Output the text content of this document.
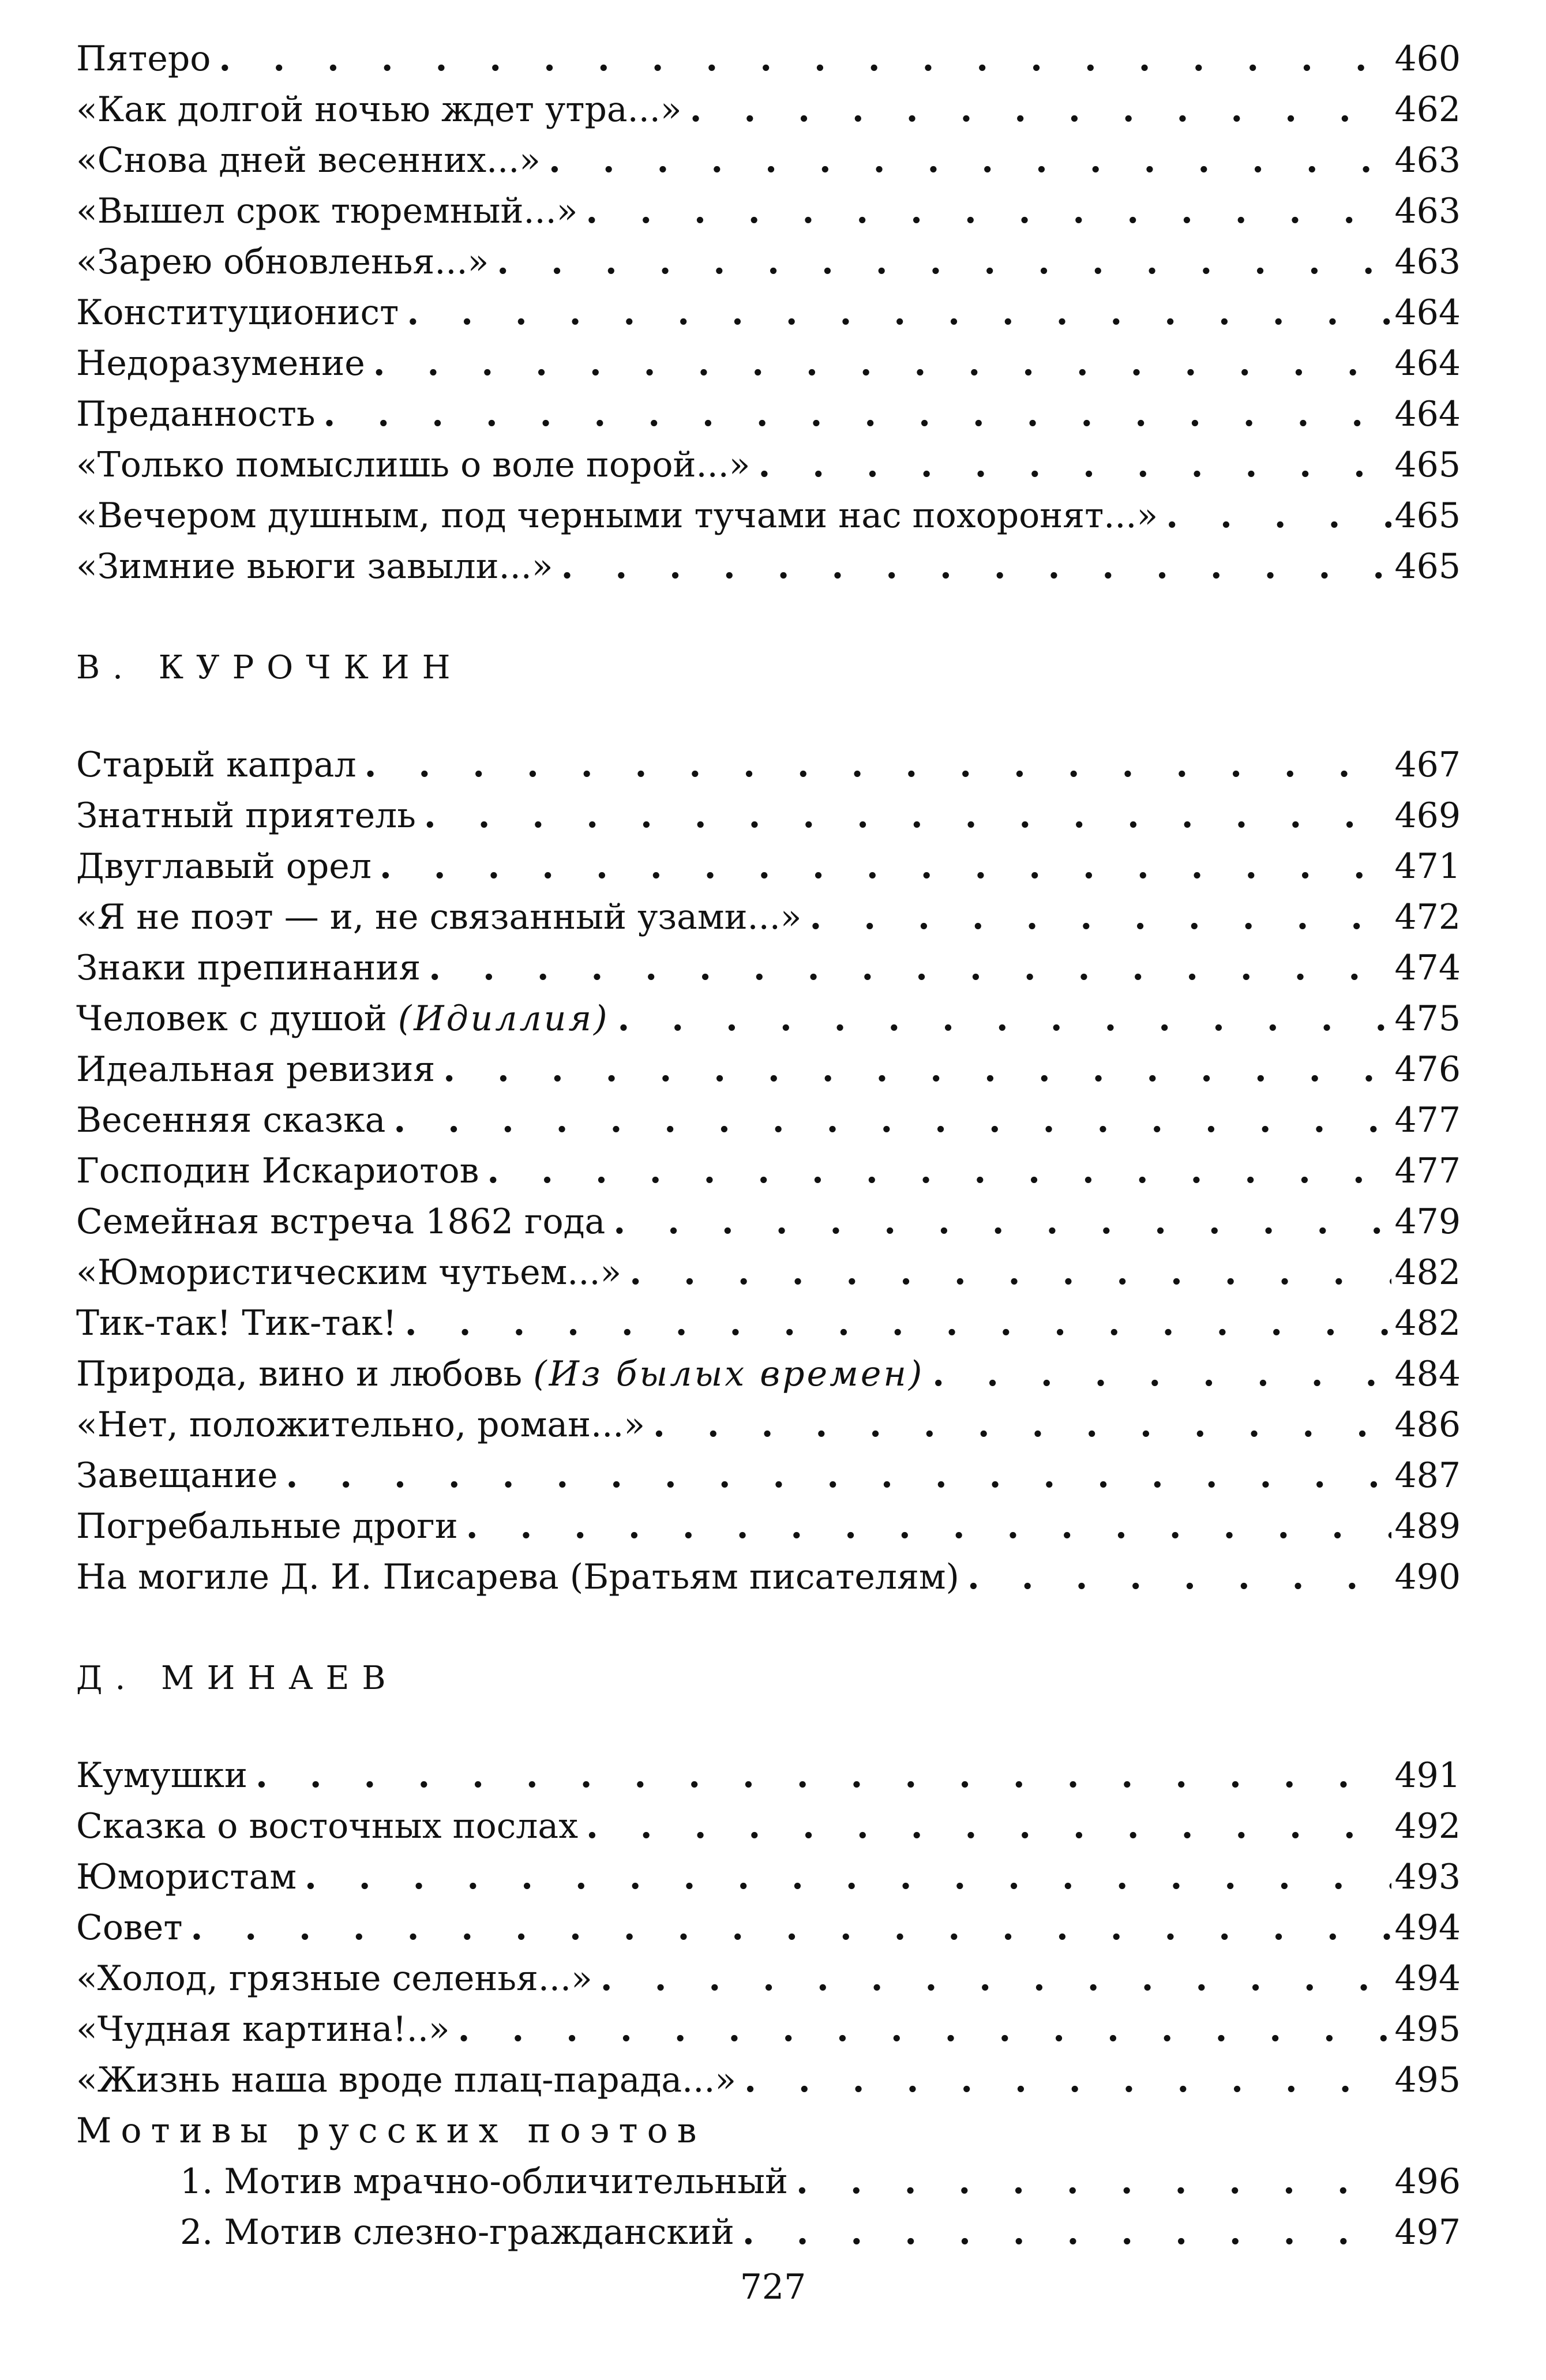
Пятеро . . .	460
«Как долгой ночью ждет утра...» . . .	462
«Снова дней весенних...» . . .	463
«Вышел срок тюремный...» . . .	463
«Зарею обновленья...» . . .	463
Конституционист . . .	464
Недоразумение . . .	464
Преданность . . .	464
«Только помыслишь о воле порой...» . . .	465
«Вечером душным, под черными тучами нас похоронят...» . . .	465
«Зимние вьюги завыли...» . . .	465
В. КУРОЧКИН
Старый капрал . . .	467
Знатный приятель . . .	469
Двуглавый орел . . .	471
«Я не поэт — и, не связанный узами...» . . .	472
Знаки препинания . . .	474
Человек с душой (Идиллия) . . .	475
Идеальная ревизия . . .	476
Весенняя сказка . . .	477
Господин Искариотов . . .	477
Семейная встреча 1862 года . . .	479
«Юмористическим чутьем...» . . .	482
Тик-так! Тик-так! . . .	482
Природа, вино и любовь (Из былых времен) . . .	484
«Нет, положительно, роман...» . . .	486
Завещание . . .	487
Погребальные дроги . . .	489
На могиле Д. И. Писарева (Братьям писателям) . . .	490
Д. МИНАЕВ
Кумушки . . .	491
Сказка о восточных послах . . .	492
Юмористам . . .	493
Совет . . .	494
«Холод, грязные селенья...» . . .	494
«Чудная картина!..» . . .	495
«Жизнь наша вроде плац-парада...» . . .	495
Мотивы русских поэтов
1. Мотив мрачно-обличительный . . .	496
2. Мотив слезно-гражданский . . .	497
727
